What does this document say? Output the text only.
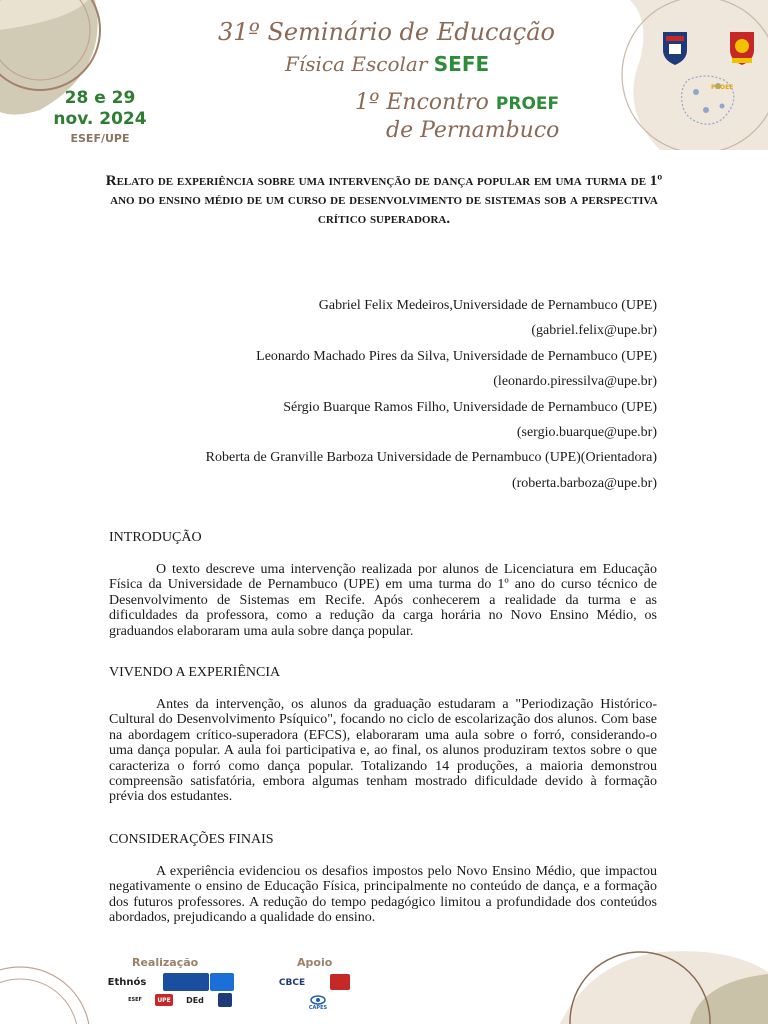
31º Seminário de Educação
Física Escolar SEFE
1º Encontro PROEF
de Pernambuco
28 e 29
nov. 2024
ESEF/UPE
PROEF
Relato de experiência sobre uma intervenção de dança popular em uma turma de 1º ano do ensino médio de um curso de desenvolvimento de sistemas sob a perspectiva crítico superadora.
Gabriel Felix Medeiros,Universidade de Pernambuco (UPE)
(gabriel.felix@upe.br)
Leonardo Machado Pires da Silva, Universidade de Pernambuco (UPE)
(leonardo.piressilva@upe.br)
Sérgio Buarque Ramos Filho, Universidade de Pernambuco (UPE)
(sergio.buarque@upe.br)
Roberta de Granville Barboza Universidade de Pernambuco (UPE)(Orientadora)
(roberta.barboza@upe.br)
INTRODUÇÃO

O texto descreve uma intervenção realizada por alunos de Licenciatura em Educação Física da Universidade de Pernambuco (UPE) em uma turma do 1º ano do curso técnico de Desenvolvimento de Sistemas em Recife. Após conhecerem a realidade da turma e as dificuldades da professora, como a redução da carga horária no Novo Ensino Médio, os graduandos elaboraram uma aula sobre dança popular.

VIVENDO A EXPERIÊNCIA

Antes da intervenção, os alunos da graduação estudaram a "Periodização Histórico-Cultural do Desenvolvimento Psíquico", focando no ciclo de escolarização dos alunos. Com base na abordagem crítico-superadora (EFCS), elaboraram uma aula sobre o forró, considerando-o uma dança popular. A aula foi participativa e, ao final, os alunos produziram textos sobre o que caracteriza o forró como dança popular. Totalizando 14 produções, a maioria demonstrou compreensão satisfatória, embora algumas tenham mostrado dificuldade devido à formação prévia dos estudantes.

CONSIDERAÇÕES FINAIS

A experiência evidenciou os desafios impostos pelo Novo Ensino Médio, que impactou negativamente o ensino de Educação Física, principalmente no conteúdo de dança, e a formação dos futuros professores. A redução do tempo pedagógico limitou a profundidade dos conteúdos abordados, prejudicando a qualidade do ensino.

Realização	Apoio
Ethnós
ESEF	UPE DEd
CBCE
CAPES
